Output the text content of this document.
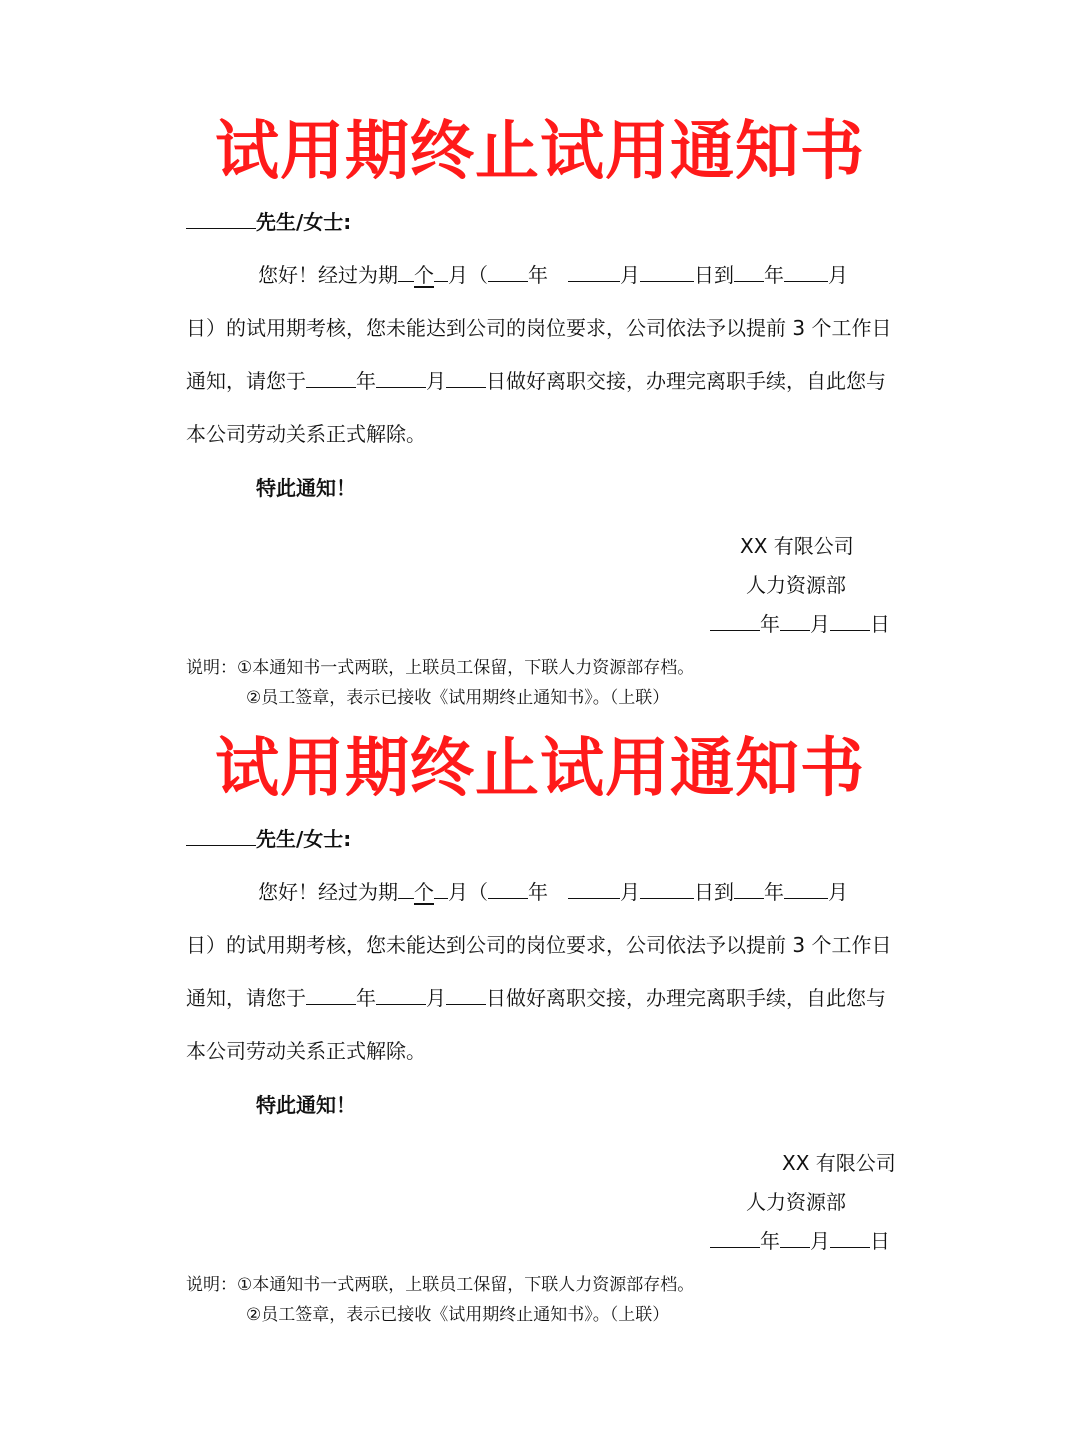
试用期终止试用通知书
先生/女士:
您好！经过为期 个 月（ 年	月	日到 年 月
日）的试用期考核，您未能达到公司的岗位要求，公司依法予以提前 3 个工作日
通知，请您于	年	月 日做好离职交接，办理完离职手续，自此您与
本公司劳动关系正式解除。
特此通知！
XX 有限公司
人力资源部
年 月 日
说明：①本通知书一式两联，上联员工保留，下联人力资源部存档。
②员工签章，表示已接收《试用期终止通知书》。（上联）
试用期终止试用通知书
先生/女士:
您好！经过为期 个 月（ 年	月	日到 年 月
日）的试用期考核，您未能达到公司的岗位要求，公司依法予以提前 3 个工作日
通知，请您于	年	月 日做好离职交接，办理完离职手续，自此您与
本公司劳动关系正式解除。
特此通知！
XX 有限公司
人力资源部
年 月 日
说明：①本通知书一式两联，上联员工保留，下联人力资源部存档。
②员工签章，表示已接收《试用期终止通知书》。（上联）
